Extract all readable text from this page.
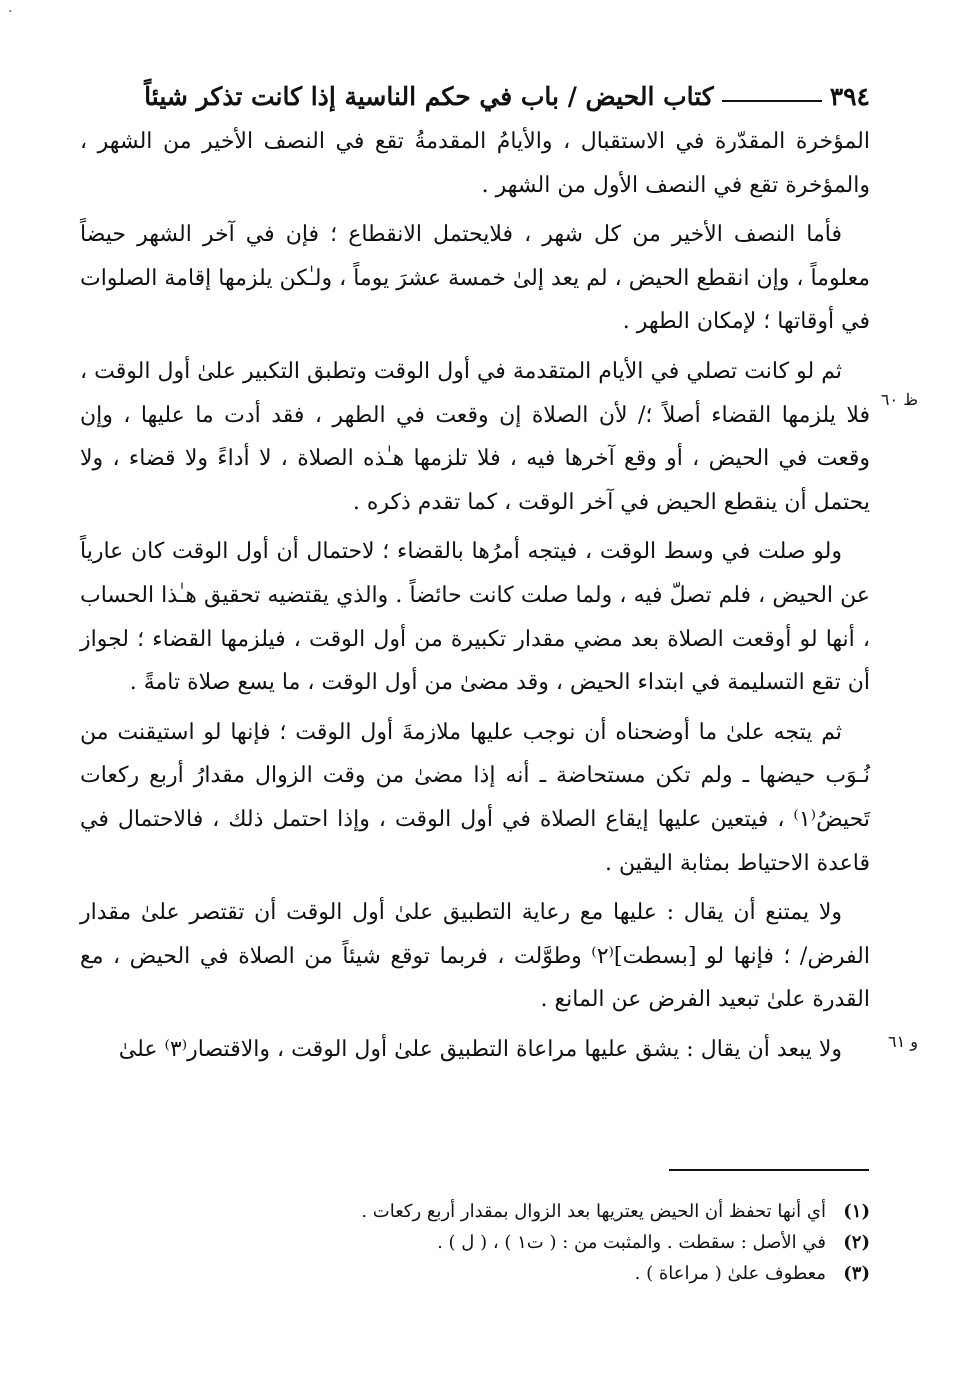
·
٣٩٤
كتاب الحيض / باب في حكم الناسية إذا كانت تذكر شيئاً

المؤخرة المقدّرة في الاستقبال ، والأيامُ المقدمةُ تقع في النصف الأخير من الشهر ، والمؤخرة تقع في النصف الأول من الشهر .

فأما النصف الأخير من كل شهر ، فلايحتمل الانقطاع ؛ فإن في آخر الشهر حيضاً معلوماً ، وإن انقطع الحيض ، لم يعد إلىٰ خمسة عشرَ يوماً ، ولـٰكن يلزمها إقامة الصلوات في أوقاتها ؛ لإمكان الطهر .

ثم لو كانت تصلي في الأيام المتقدمة في أول الوقت وتطبق التكبير علىٰ أول الوقت ، فلا يلزمها القضاء أصلاً ؛/ لأن الصلاة إن وقعت في الطهر ، فقد أدت ما عليها ، وإن وقعت في الحيض ، أو وقع آخرها فيه ، فلا تلزمها هـٰذه الصلاة ، لا أداءً ولا قضاء ، ولا يحتمل أن ينقطع الحيض في آخر الوقت ، كما تقدم ذكره .

ولو صلت في وسط الوقت ، فيتجه أمرُها بالقضاء ؛ لاحتمال أن أول الوقت كان عارياً عن الحيض ، فلم تصلّ فيه ، ولما صلت كانت حائضاً . والذي يقتضيه تحقيق هـٰذا الحساب ، أنها لو أوقعت الصلاة بعد مضي مقدار تكبيرة من أول الوقت ، فيلزمها القضاء ؛ لجواز أن تقع التسليمة في ابتداء الحيض ، وقد مضىٰ من أول الوقت ، ما يسع صلاة تامةً .

ثم يتجه علىٰ ما أوضحناه أن نوجب عليها ملازمةَ أول الوقت ؛ فإنها لو استيقنت من نُـوَب حيضها ـ ولم تكن مستحاضة ـ أنه إذا مضىٰ من وقت الزوال مقدارُ أربع ركعات تَحيضُ⁽١⁾ ، فيتعين عليها إيقاع الصلاة في أول الوقت ، وإذا احتمل ذلك ، فالاحتمال في قاعدة الاحتياط بمثابة اليقين .

ولا يمتنع أن يقال : عليها مع رعاية التطبيق علىٰ أول الوقت أن تقتصر علىٰ مقدار الفرض/ ؛ فإنها لو [بسطت]⁽٢⁾ وطوَّلت ، فربما توقع شيئاً من الصلاة في الحيض ، مع القدرة علىٰ تبعيد الفرض عن المانع .

ولا يبعد أن يقال : يشق عليها مراعاة التطبيق علىٰ أول الوقت ، والاقتصار⁽٣⁾ علىٰ

ظ ٦٠
و ٦١
(١)
أي أنها تحفظ أن الحيض يعتريها بعد الزوال بمقدار أربع ركعات .
(٢)
في الأصل : سقطت . والمثبت من : ( ت١ ) ، ( ل ) .
(٣)
معطوف علىٰ ( مراعاة ) .
